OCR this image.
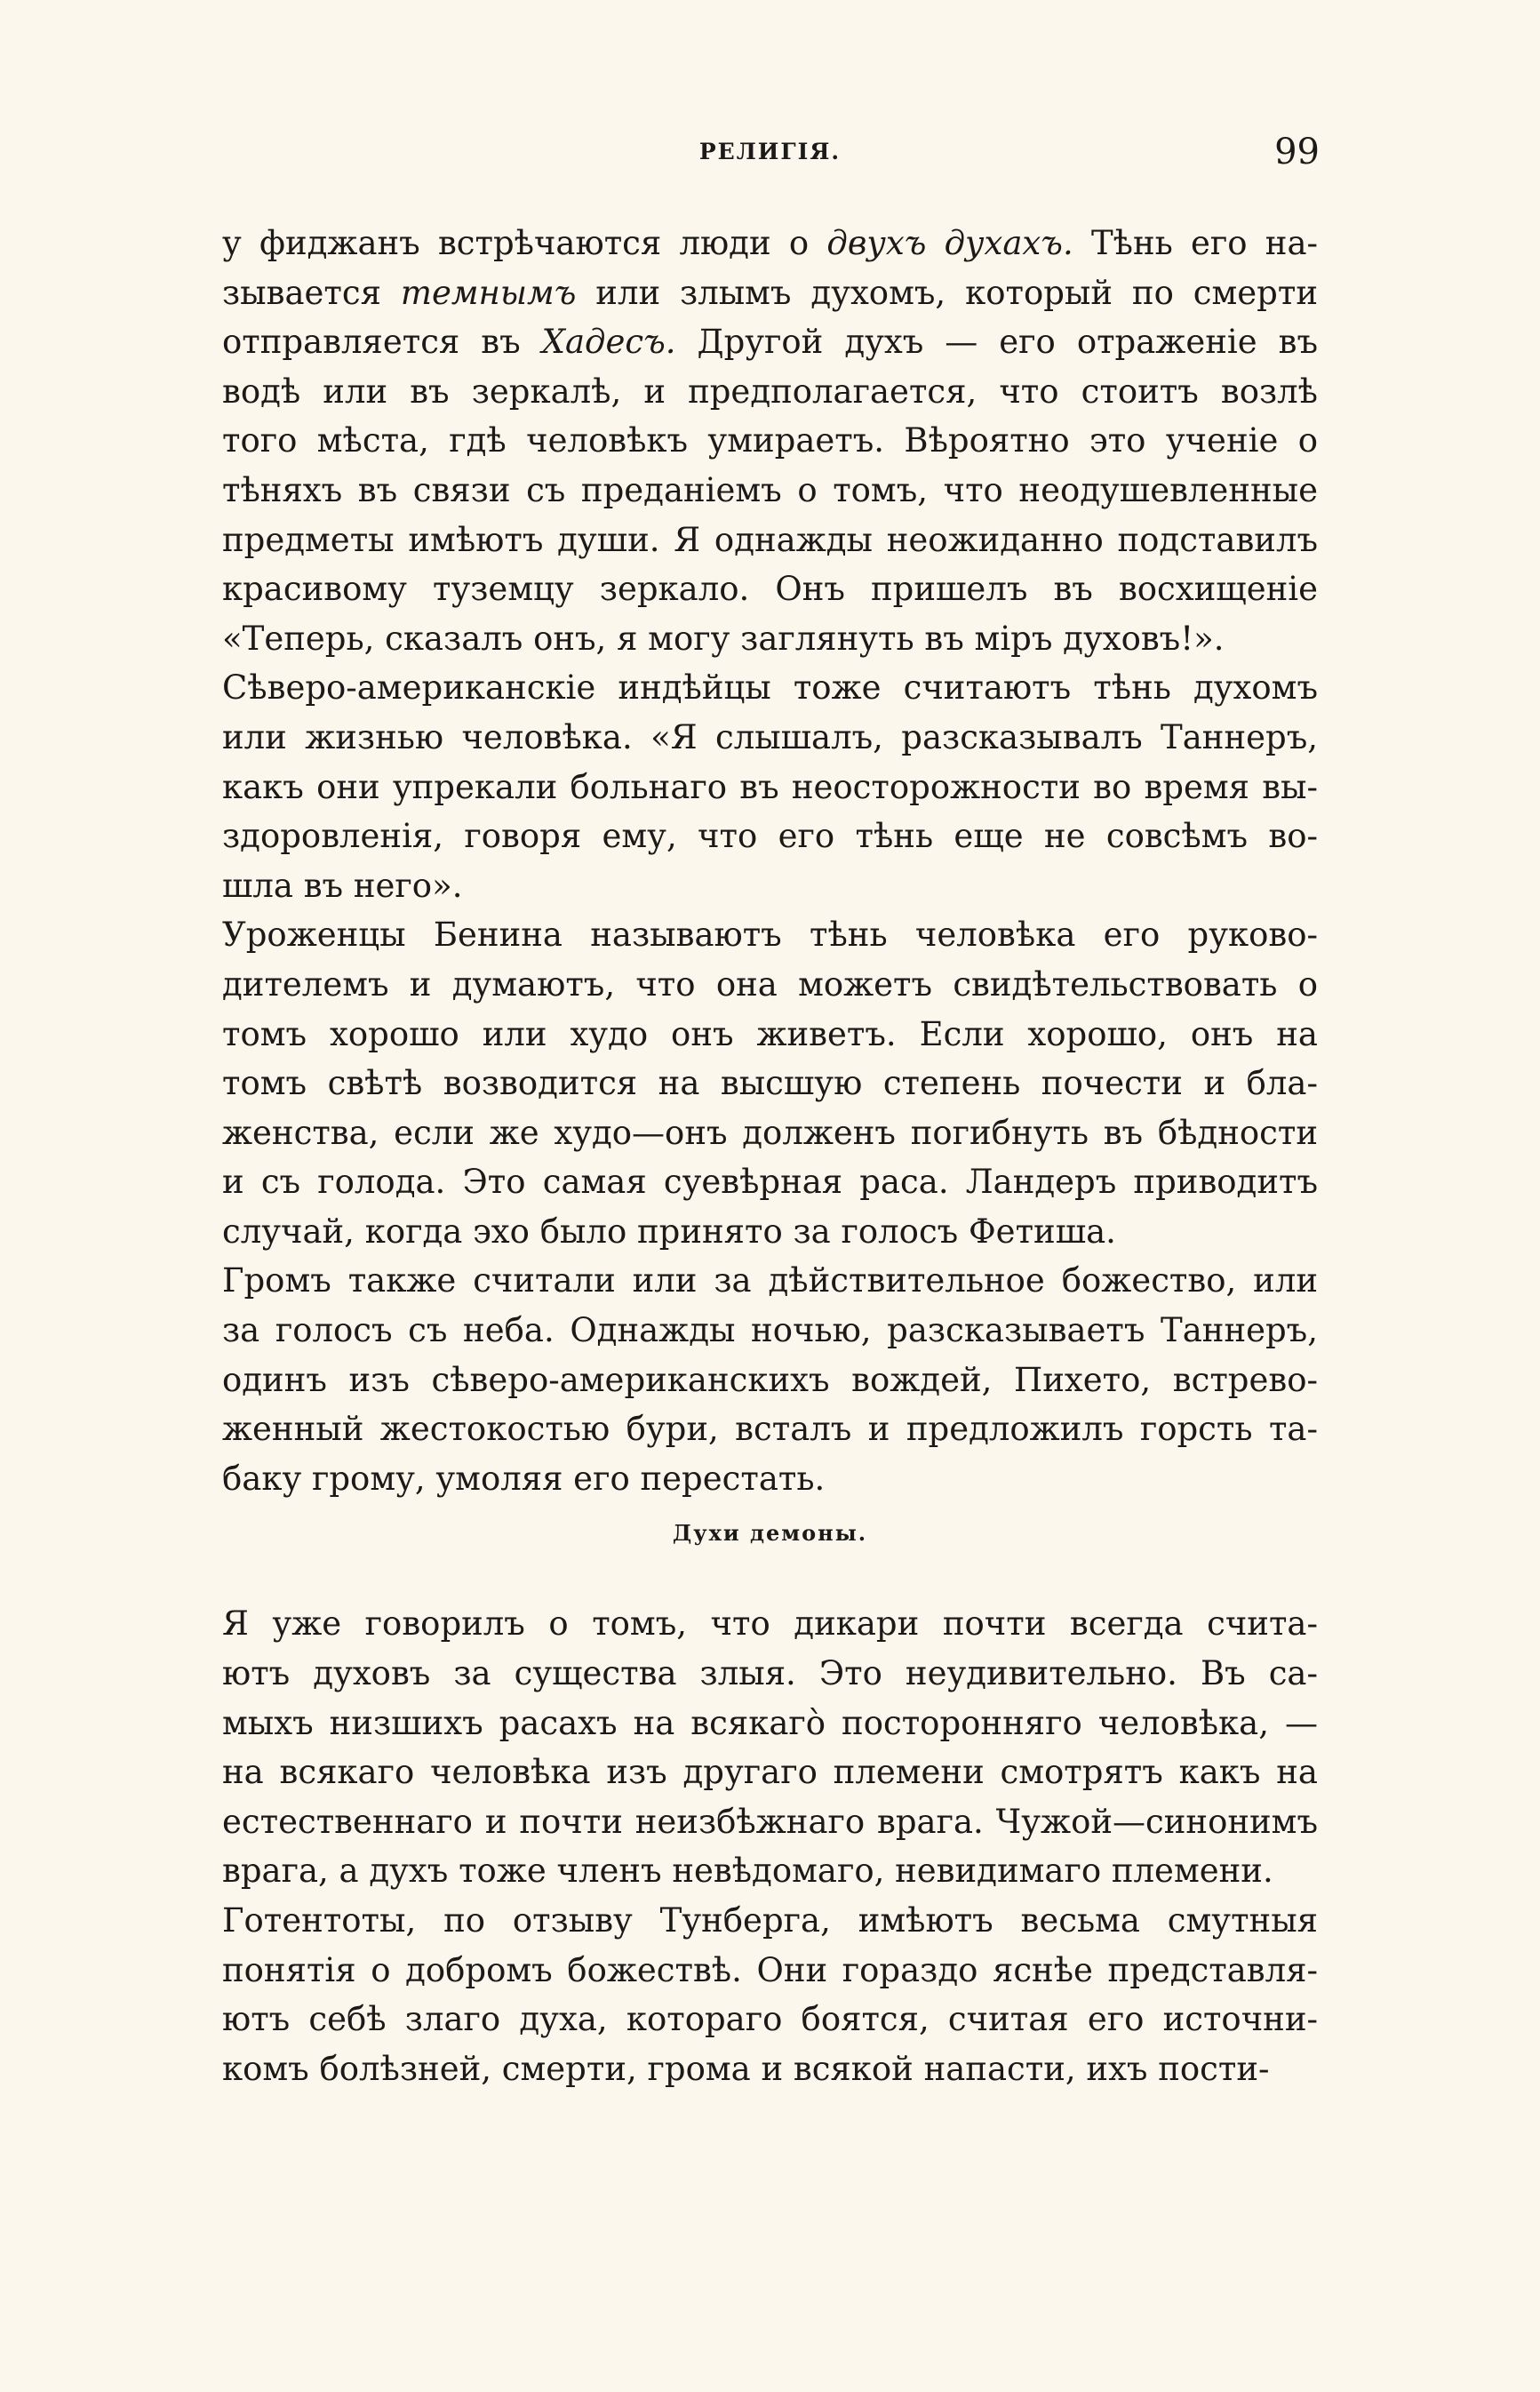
РЕЛИГІЯ.	99
у фиджанъ встрѣчаются люди о двухъ духахъ. Тѣнь его на-
зывается темнымъ или злымъ духомъ, который по смерти
отправляется въ Хадесъ. Другой духъ — его отраженіе въ
водѣ или въ зеркалѣ, и предполагается, что стоитъ возлѣ
того мѣста, гдѣ человѣкъ умираетъ. Вѣроятно это ученіе о
тѣняхъ въ связи съ преданіемъ о томъ, что неодушевленные
предметы имѣютъ души. Я однажды неожиданно подставилъ
красивому туземцу зеркало. Онъ пришелъ въ восхищеніе
«Теперь, сказалъ онъ, я могу заглянуть въ міръ духовъ!».
Сѣверо-американскіе индѣйцы тоже считаютъ тѣнь духомъ
или жизнью человѣка. «Я слышалъ, разсказывалъ Таннеръ,
какъ они упрекали больнаго въ неосторожности во время вы-
здоровленія, говоря ему, что его тѣнь еще не совсѣмъ во-
шла въ него».
Уроженцы Бенина называютъ тѣнь человѣка его руково-
дителемъ и думаютъ, что она можетъ свидѣтельствовать о
томъ хорошо или худо онъ живетъ. Если хорошо, онъ на
томъ свѣтѣ возводится на высшую степень почести и бла-
женства, если же худо—онъ долженъ погибнуть въ бѣдности
и съ голода. Это самая суевѣрная раса. Ландеръ приводитъ
случай, когда эхо было принято за голосъ Фетиша.
Громъ также считали или за дѣйствительное божество, или
за голосъ съ неба. Однажды ночью, разсказываетъ Таннеръ,
одинъ изъ сѣверо-американскихъ вождей, Пихето, встрево-
женный жестокостью бури, всталъ и предложилъ горсть та-
баку грому, умоляя его перестать.
Духи демоны.
Я уже говорилъ о томъ, что дикари почти всегда счита-
ютъ духовъ за существа злыя. Это неудивительно. Въ са-
мыхъ низшихъ расахъ на всякагò посторонняго человѣка, —
на всякаго человѣка изъ другаго племени смотрятъ какъ на
естественнаго и почти неизбѣжнаго врага. Чужой—синонимъ
врага, а духъ тоже членъ невѣдомаго, невидимаго племени.
Готентоты, по отзыву Тунберга, имѣютъ весьма смутныя
понятія о добромъ божествѣ. Они гораздо яснѣе представля-
ютъ себѣ злаго духа, котораго боятся, считая его источни-
комъ болѣзней, смерти, грома и всякой напасти, ихъ пости-
